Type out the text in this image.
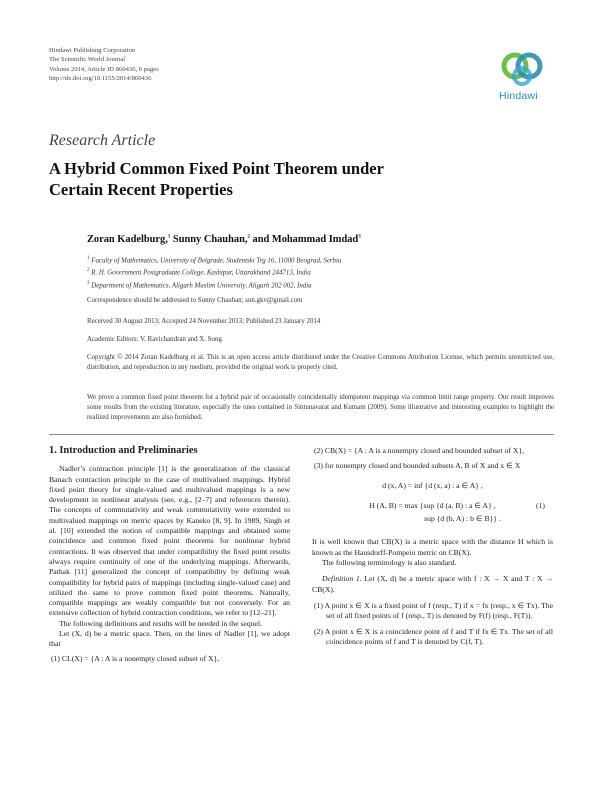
Hindawi Publishing Corporation
The Scientific World Journal
Volume 2014, Article ID 860436, 6 pages
http://dx.doi.org/10.1155/2014/860436
Hindawi
Research Article
A Hybrid Common Fixed Point Theorem under
Certain Recent Properties
Zoran Kadelburg,$^1$ Sunny Chauhan,$^2$ and Mohammad Imdad$^3$
$^1$ Faculty of Mathematics, University of Belgrade, Studentski Trg 16, 11000 Beograd, Serbia
$^2$ R. H. Government Postgraduate College, Kashipur, Uttarakhand 244713, India
$^3$ Department of Mathematics, Aligarh Muslim University, Aligarh 202 002, India
Correspondence should be addressed to Sunny Chauhan; sun.gkv@gmail.com
Received 30 August 2013; Accepted 24 November 2013; Published 23 January 2014
Academic Editors: V. Ravichandran and X. Song
Copyright © 2014 Zoran Kadelburg et al. This is an open access article distributed under the Creative Commons Attribution License, which permits unrestricted use, distribution, and reproduction in any medium, provided the original work is properly cited.
We prove a common fixed point theorem for a hybrid pair of occasionally coincidentally idempotent mappings via common limit range property. Our result improves some results from the existing literature, especially the ones contained in Sintunavarat and Kumam (2009). Some illustrative and interesting examples to highlight the realized improvements are also furnished.
1. Introduction and Preliminaries

Nadler’s contraction principle [1] is the generalization of the classical Banach contraction principle to the case of multivalued mappings. Hybrid fixed point theory for single-valued and multivalued mappings is a new development in nonlinear analysis (see, e.g., [2–7] and references therein). The concepts of commutativity and weak commutativity were extended to multivalued mappings on metric spaces by Kaneko [8, 9]. In 1989, Singh et al. [10] extended the notion of compatible mappings and obtained some coincidence and common fixed point theorems for nonlinear hybrid contractions. It was observed that under compatibility the fixed point results always require continuity of one of the underlying mappings. Afterwards, Pathak [11] generalized the concept of compatibility by defining weak compatibility for hybrid pairs of mappings (including single-valued case) and utilized the same to prove common fixed point theorems. Naturally, compatible mappings are weakly compatible but not conversely. For an extensive collection of hybrid contraction conditions, we refer to [12–21].

The following definitions and results will be needed in the sequel.

Let (X, d) be a metric space. Then, on the lines of Nadler [1], we adopt that

(1) CL(X) = {A : A is a nonempty closed subset of X},

(2) CB(X) = {A : A is a nonempty closed and bounded subset of X},

(3) for nonempty closed and bounded subsets A, B of X and x ∈ X

d (x, A) = inf {d (x, a) : a ∈ A} ,
H (A, B) = max {sup {d (a, B) : a ∈ A} ,	(1)
sup {d (b, A) : b ∈ B}} .

It is well known that CB(X) is a metric space with the distance H which is known as the Hausdorff-Pompeiu metric on CB(X).

The following terminology is also standard.

Definition 1. Let (X, d) be a metric space with f : X → X and T : X → CB(X).

(1) A point x ∈ X is a fixed point of f (resp., T) if x = fx (resp., x ∈ Tx). The set of all fixed points of f (resp., T) is denoted by F(f) (resp., F(T)).

(2) A point x ∈ X is a coincidence point of f and T if fx ∈ Tx. The set of all coincidence points of f and T is denoted by C(f, T).
